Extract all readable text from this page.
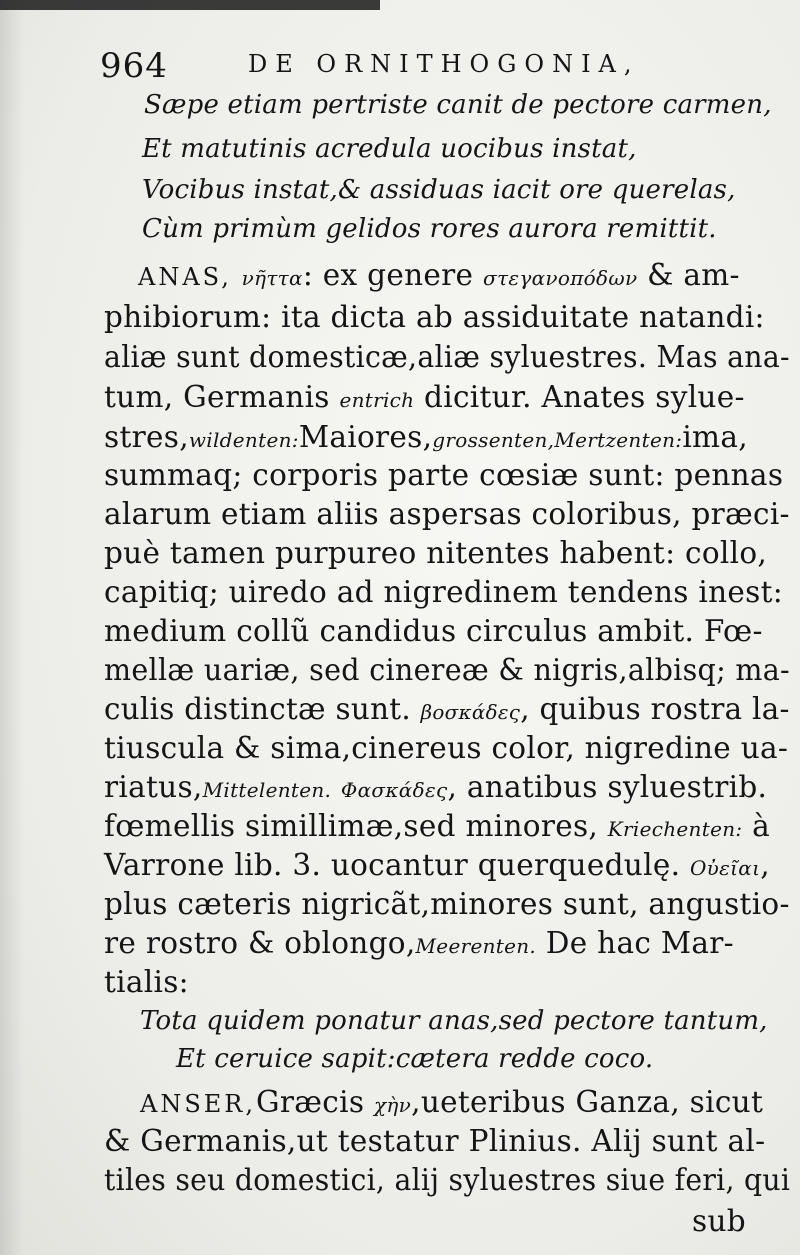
964	DE ORNITHOGONIA,
Sæpe etiam pertriste canit de pectore carmen,
Et matutinis acredula uocibus instat,
Vocibus instat,& assiduas iacit ore querelas,
Cùm primùm gelidos rores aurora remittit.
ANAS, νῆττα: ex genere στεγανοπόδων & am-
phibiorum: ita dicta ab assiduitate natandi:
aliæ sunt domesticæ,aliæ syluestres. Mas ana-
tum, Germanis entrich dicitur. Anates sylue-
stres,wildenten:Maiores,grossenten,Mertzenten:ima,
summaq; corporis parte cœsiæ sunt: pennas
alarum etiam aliis aspersas coloribus, præci-
puè tamen purpureo nitentes habent: collo,
capitiq; uiredo ad nigredinem tendens inest:
medium collũ candidus circulus ambit. Fœ-
mellæ uariæ, sed cinereæ & nigris,albisq; ma-
culis distinctæ sunt. βοσκάδες, quibus rostra la-
tiuscula & sima,cinereus color, nigredine ua-
riatus,Mittelenten. Φασκάδες, anatibus syluestrib.
fœmellis simillimæ,sed minores, Kriechenten: à
Varrone lib. 3. uocantur querquedulę. Οὐεῖαι,
plus cæteris nigricãt,minores sunt, angustio-
re rostro & oblongo,Meerenten. De hac Mar-
tialis:
Tota quidem ponatur anas,sed pectore tantum,
Et ceruice sapit:cætera redde coco.
ANSER,Græcis χὴν,ueteribus Ganza, sicut
& Germanis,ut testatur Plinius. Alij sunt al-
tiles seu domestici, alij syluestres siue feri, qui
sub
